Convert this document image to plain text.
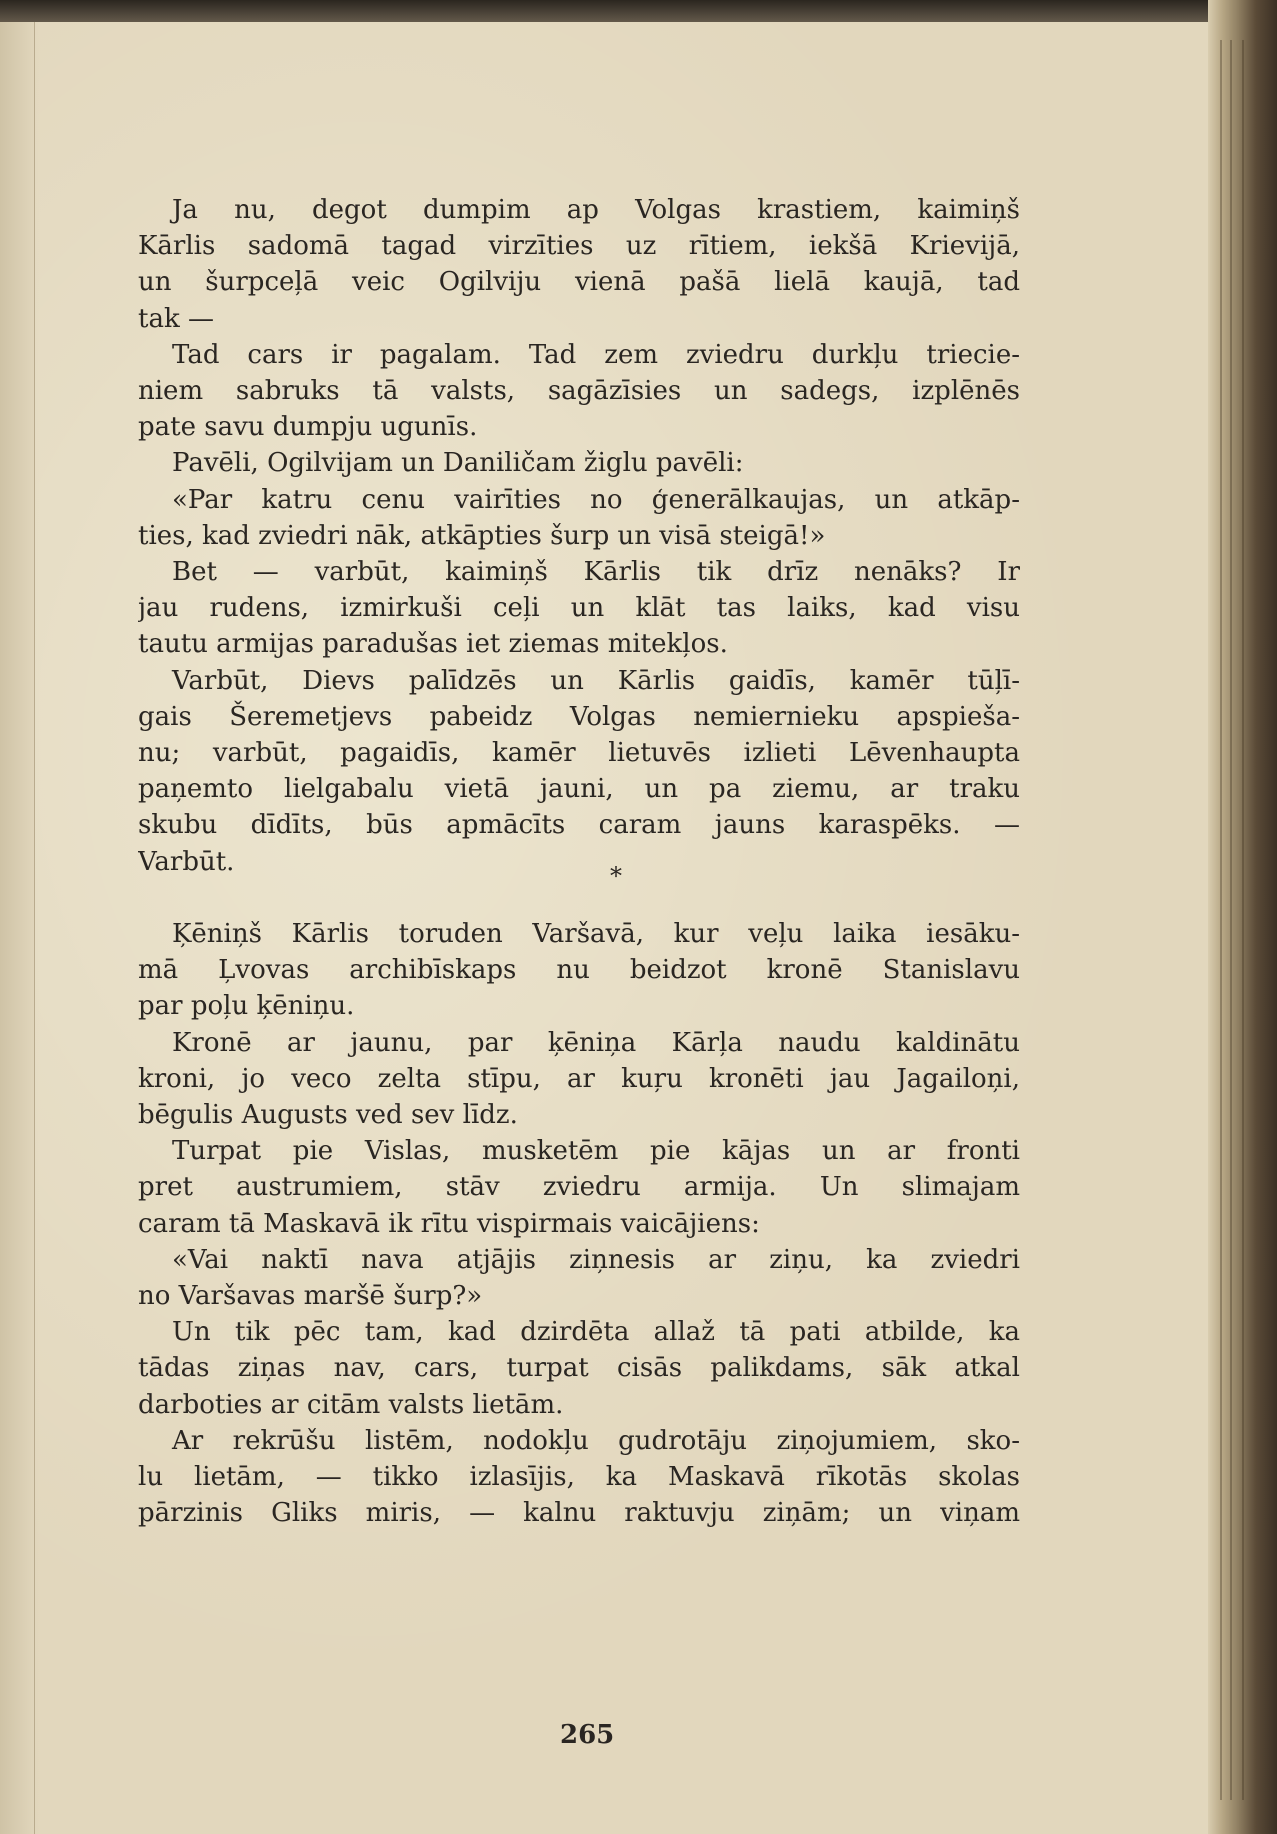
Ja nu, degot dumpim ap Volgas krastiem, kaimiņš
Kārlis sadomā tagad virzīties uz rītiem, iekšā Krievijā,
un šurpceļā veic Ogilviju vienā pašā lielā kaujā, tad
tak —
Tad cars ir pagalam. Tad zem zviedru durkļu triecie-
niem sabruks tā valsts, sagāzīsies un sadegs, izplēnēs
pate savu dumpju ugunīs.
Pavēli, Ogilvijam un Daniličam žiglu pavēli:
«Par katru cenu vairīties no ģenerālkaujas, un atkāp-
ties, kad zviedri nāk, atkāpties šurp un visā steigā!»
Bet — varbūt, kaimiņš Kārlis tik drīz nenāks? Ir
jau rudens, izmirkuši ceļi un klāt tas laiks, kad visu
tautu armijas paradušas iet ziemas mitekļos.
Varbūt, Dievs palīdzēs un Kārlis gaidīs, kamēr tūļī-
gais Šeremetjevs pabeidz Volgas nemiernieku apspiešа-
nu; varbūt, pagaidīs, kamēr lietuvēs izlieti Lēvenhaupta
paņemto lielgabalu vietā jauni, un pa ziemu, ar traku
skubu dīdīts, būs apmācīts caram jauns karaspēks. —
Varbūt.
Ķēniņš Kārlis toruden Varšavā, kur veļu laika iesāku-
mā Ļvovas archibīskaps nu beidzot kronē Stanislavu
par poļu ķēniņu.
Kronē ar jaunu, par ķēniņa Kārļa naudu kaldinātu
kroni, jo veco zelta stīpu, ar kuŗu kronēti jau Jagailoņi,
bēgulis Augusts ved sev līdz.
Turpat pie Vislas, musketēm pie kājas un ar fronti
pret austrumiem, stāv zviedru armija. Un slimajam
caram tā Maskavā ik rītu vispirmais vaicājiens:
«Vai naktī nava atjājis ziņnesis ar ziņu, ka zviedri
no Varšavas maršē šurp?»
Un tik pēc tam, kad dzirdēta allaž tā pati atbilde, ka
tādas ziņas nav, cars, turpat cisās palikdams, sāk atkal
darboties ar citām valsts lietām.
Ar rekrūšu listēm, nodokļu gudrotāju ziņojumiem, sko-
lu lietām, — tikko izlasījis, ka Maskavā rīkotās skolas
pārzinis Gliks miris, — kalnu raktuvju ziņām; un viņam
*
265
